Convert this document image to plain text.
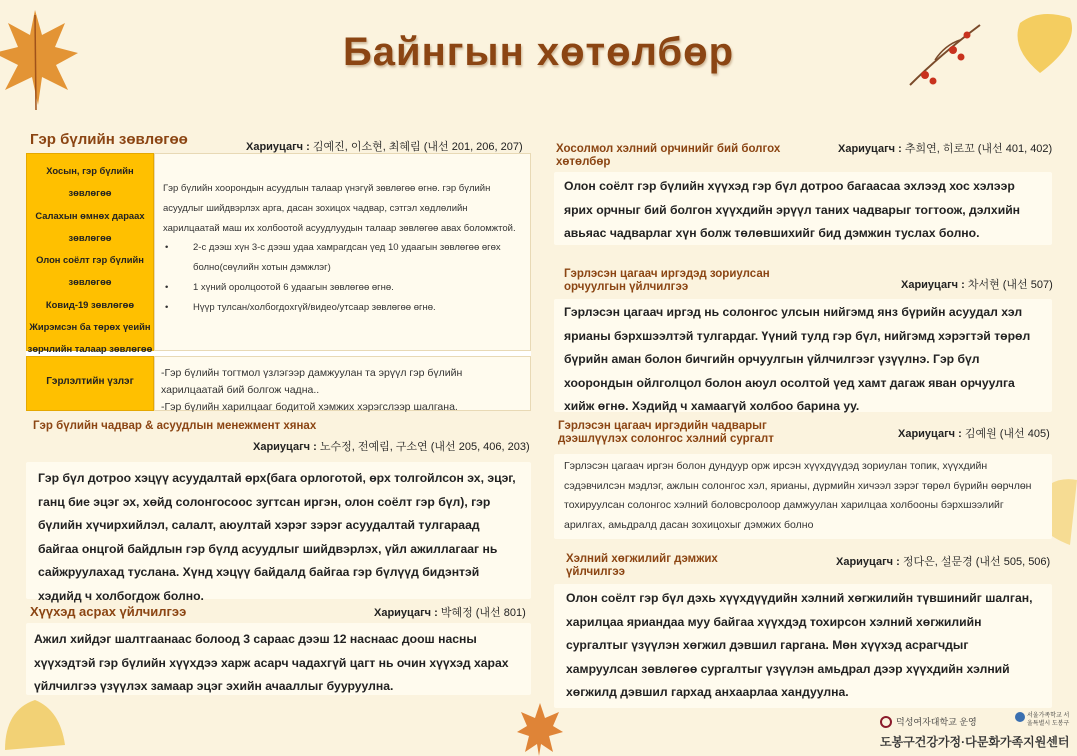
Байнгын хөтөлбөр
Гэр бүлийн зөвлөгөө	Хариуцагч : 김예진, 이소현, 최혜림 (내선 201, 206, 207)
Хосын, гэр бүлийн зөвлөгөө
Салахын өмнөх дараах зөвлөгөө
Олон соёлт гэр бүлийн зөвлөгөө
Ковид-19 зөвлөгөө
Жирэмсэн ба төрөх үеийн зөрчлийн талаар зөвлөгөө
Гэр бүлийн хоорондын асуудлын талаар үнэгүй зөвлөгөө өгнө. гэр бүлийн асуудлыг шийдвэрлэх арга, дасан зохицох чадвар, сэтгэл хөдлөлийн харилцаатай маш их холбоотой асуудлуудын талаар зөвлөгөө авах боломжтой.
• 2-с дээш хүн 3-с дээш удаа хамрагдсан үед 10 удаагын зөвлөгөө өгөх болно(сөүлийн хотын дэмжлэг)
• 1 хүний оролцоотой 6 удаагын зөвлөгөө өгнө.
• Нүүр тулсан/холбогдохгүй/видео/утсаар зөвлөгөө өгнө.
Гэрлэлтийн үзлэг
-Гэр бүлийн тогтмол үзлэгээр дамжуулан та эрүүл гэр бүлийн харилцаатай бий болгож чадна..
-Гэр бүлийн харилцааг бодитой хэмжих хэрэгслээр шалгана.
Гэр бүлийн чадвар & асуудлын менежмент хянах
Хариуцагч : 노수정, 전예림, 구소연 (내선 205, 406, 203)
Гэр бүл дотроо хэцүү асуудалтай өрх(бага орлоготой, өрх толгойлсон эх, эцэг, ганц бие эцэг эх, хөйд солонгосоос зугтсан иргэн, олон соёлт гэр бүл), гэр бүлийн хүчирхийлэл, салалт, аюултай хэрэг зэрэг асуудалтай тулгараад байгаа онцгой байдлын гэр бүлд асуудлыг шийдвэрлэх, үйл ажиллагааг нь сайжруулахад туслана. Хүнд хэцүү байдалд байгаа гэр бүлүүд бидэнтэй хэдийд ч холбогдож болно.
Хүүхэд асрах үйлчилгээ	Хариуцагч : 박혜정 (내선 801)
Ажил хийдэг шалтгаанаас болоод 3 сараас дээш 12 наснаас доош насны хүүхэдтэй гэр бүлийн хүүхдээ харж асарч чадахгүй цагт нь очин хүүхэд харах үйлчилгээ үзүүлэх замаар эцэг эхийн ачааллыг бууруулна.
Хосолмол хэлний орчинийг бий болгох хөтөлбөр
Хариуцагч : 추희연, 히로꼬 (내선 401, 402)
Олон соёлт гэр бүлийн хүүхэд гэр бүл дотроо багаасаа эхлээд хос хэлээр ярих орчныг бий болгон хүүхдийн эрүүл таних чадварыг тогтоож, дэлхийн авьяас чадварлаг хүн болж төлөвшихийг бид дэмжин туслах болно.
Гэрлэсэн цагаач иргэдэд зориулсан орчуулгын үйлчилгээ	Хариуцагч : 차서현 (내선 507)
Гэрлэсэн цагаач иргэд нь солонгос улсын нийгэмд янз бүрийн асуудал хэл ярианы бэрхшээлтэй тулгардаг. Үүний тулд гэр бүл, нийгэмд хэрэгтэй төрөл бүрийн аман болон бичгийн орчуулгын үйлчилгээг үзүүлнэ. Гэр бүл хоорондын ойлголцол болон аюул осолтой үед хамт дагаж яван орчуулга хийж өгнө. Хэдийд ч хамаагүй холбоо барина уу.
Гэрлэсэн цагаач иргэдийн чадварыг дээшлүүлэх солонгос хэлний сургалт	Хариуцагч : 김예원 (내선 405)
Гэрлэсэн цагаач иргэн болон дундуур орж ирсэн хүүхдүүдэд зориулан топик, хүүхдийн сэдэвчилсэн мэдлэг, ажлын солонгос хэл, ярианы, дүрмийн хичээл зэрэг төрөл бүрийн өөрчлөн тохируулсан солонгос хэлний боловсролоор дамжуулан харилцаа холбооны бэрхшээлийг арилгах, амьдралд дасан зохицохыг дэмжих болно
Хэлний хөгжилийг дэмжих үйлчилгээ
Хариуцагч : 정다은, 설문경 (내선 505, 506)
Олон соёлт гэр бүл дэхь хүүхдүүдийн хэлний хөгжилийн түвшинийг шалган, харилцаа яриандаа муу байгаа хүүхдэд тохирсон хэлний хөгжилийн сургалтыг үзүүлэн хөгжил дэвшил гаргана. Мөн хүүхэд асрагчдыг хамруулсан зөвлөгөө сургалтыг үзүүлэн амьдрал дээр хүүхдийн хэлний хөгжилд дэвшил гархад анхаарлаа хандуулна.
덕성여자대학교 운영
서울가족학교 서울특별시 도봉구
도봉구건강가정·다문화가족지원센터
